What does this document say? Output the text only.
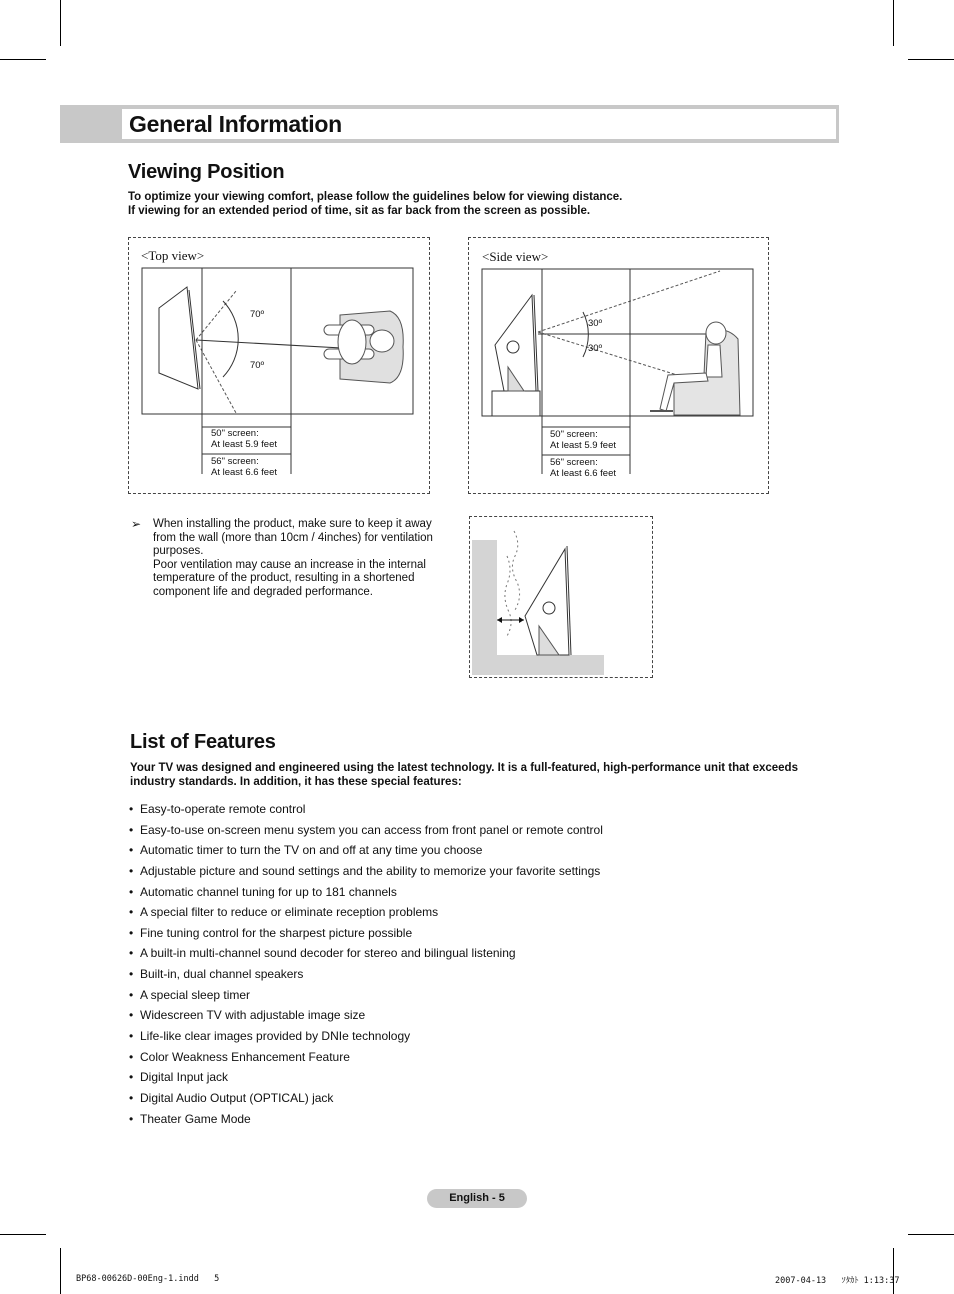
General Information
Viewing Position

To optimize your viewing comfort, please follow the guidelines below for viewing distance.

If viewing for an extended period of time, sit as far back from the screen as possible.

<Top view>
70º
70º
50" screen:
At least 5.9 feet
56" screen:
At least 6.6 feet
<Side view>
30º
30º
50" screen:
At least 5.9 feet
56" screen:
At least 6.6 feet
➢ When installing the product, make sure to keep it away from the wall (more than 10cm / 4inches) for ventilation purposes.
Poor ventilation may cause an increase in the internal temperature of the product, resulting in a shortened component life and degraded performance.
List of Features

Your TV was designed and engineered using the latest technology. It is a full-featured, high-performance unit that exceeds

industry standards. In addition, it has these special features:

• Easy-to-operate remote control
• Easy-to-use on-screen menu system you can access from front panel or remote control
• Automatic timer to turn the TV on and off at any time you choose
• Adjustable picture and sound settings and the ability to memorize your favorite settings
• Automatic channel tuning for up to 181 channels
• A special filter to reduce or eliminate reception problems
• Fine tuning control for the sharpest picture possible
• A built-in multi-channel sound decoder for stereo and bilingual listening
• Built-in, dual channel speakers
• A special sleep timer
• Widescreen TV with adjustable image size
• Life-like clear images provided by DNIe technology
• Color Weakness Enhancement Feature
• Digital Input jack
• Digital Audio Output (OPTICAL) jack
• Theater Game Mode
English - 5
BP68-00626D-00Eng-1.indd   5	2007-04-13   ｿﾀｶﾄ 1:13:37
